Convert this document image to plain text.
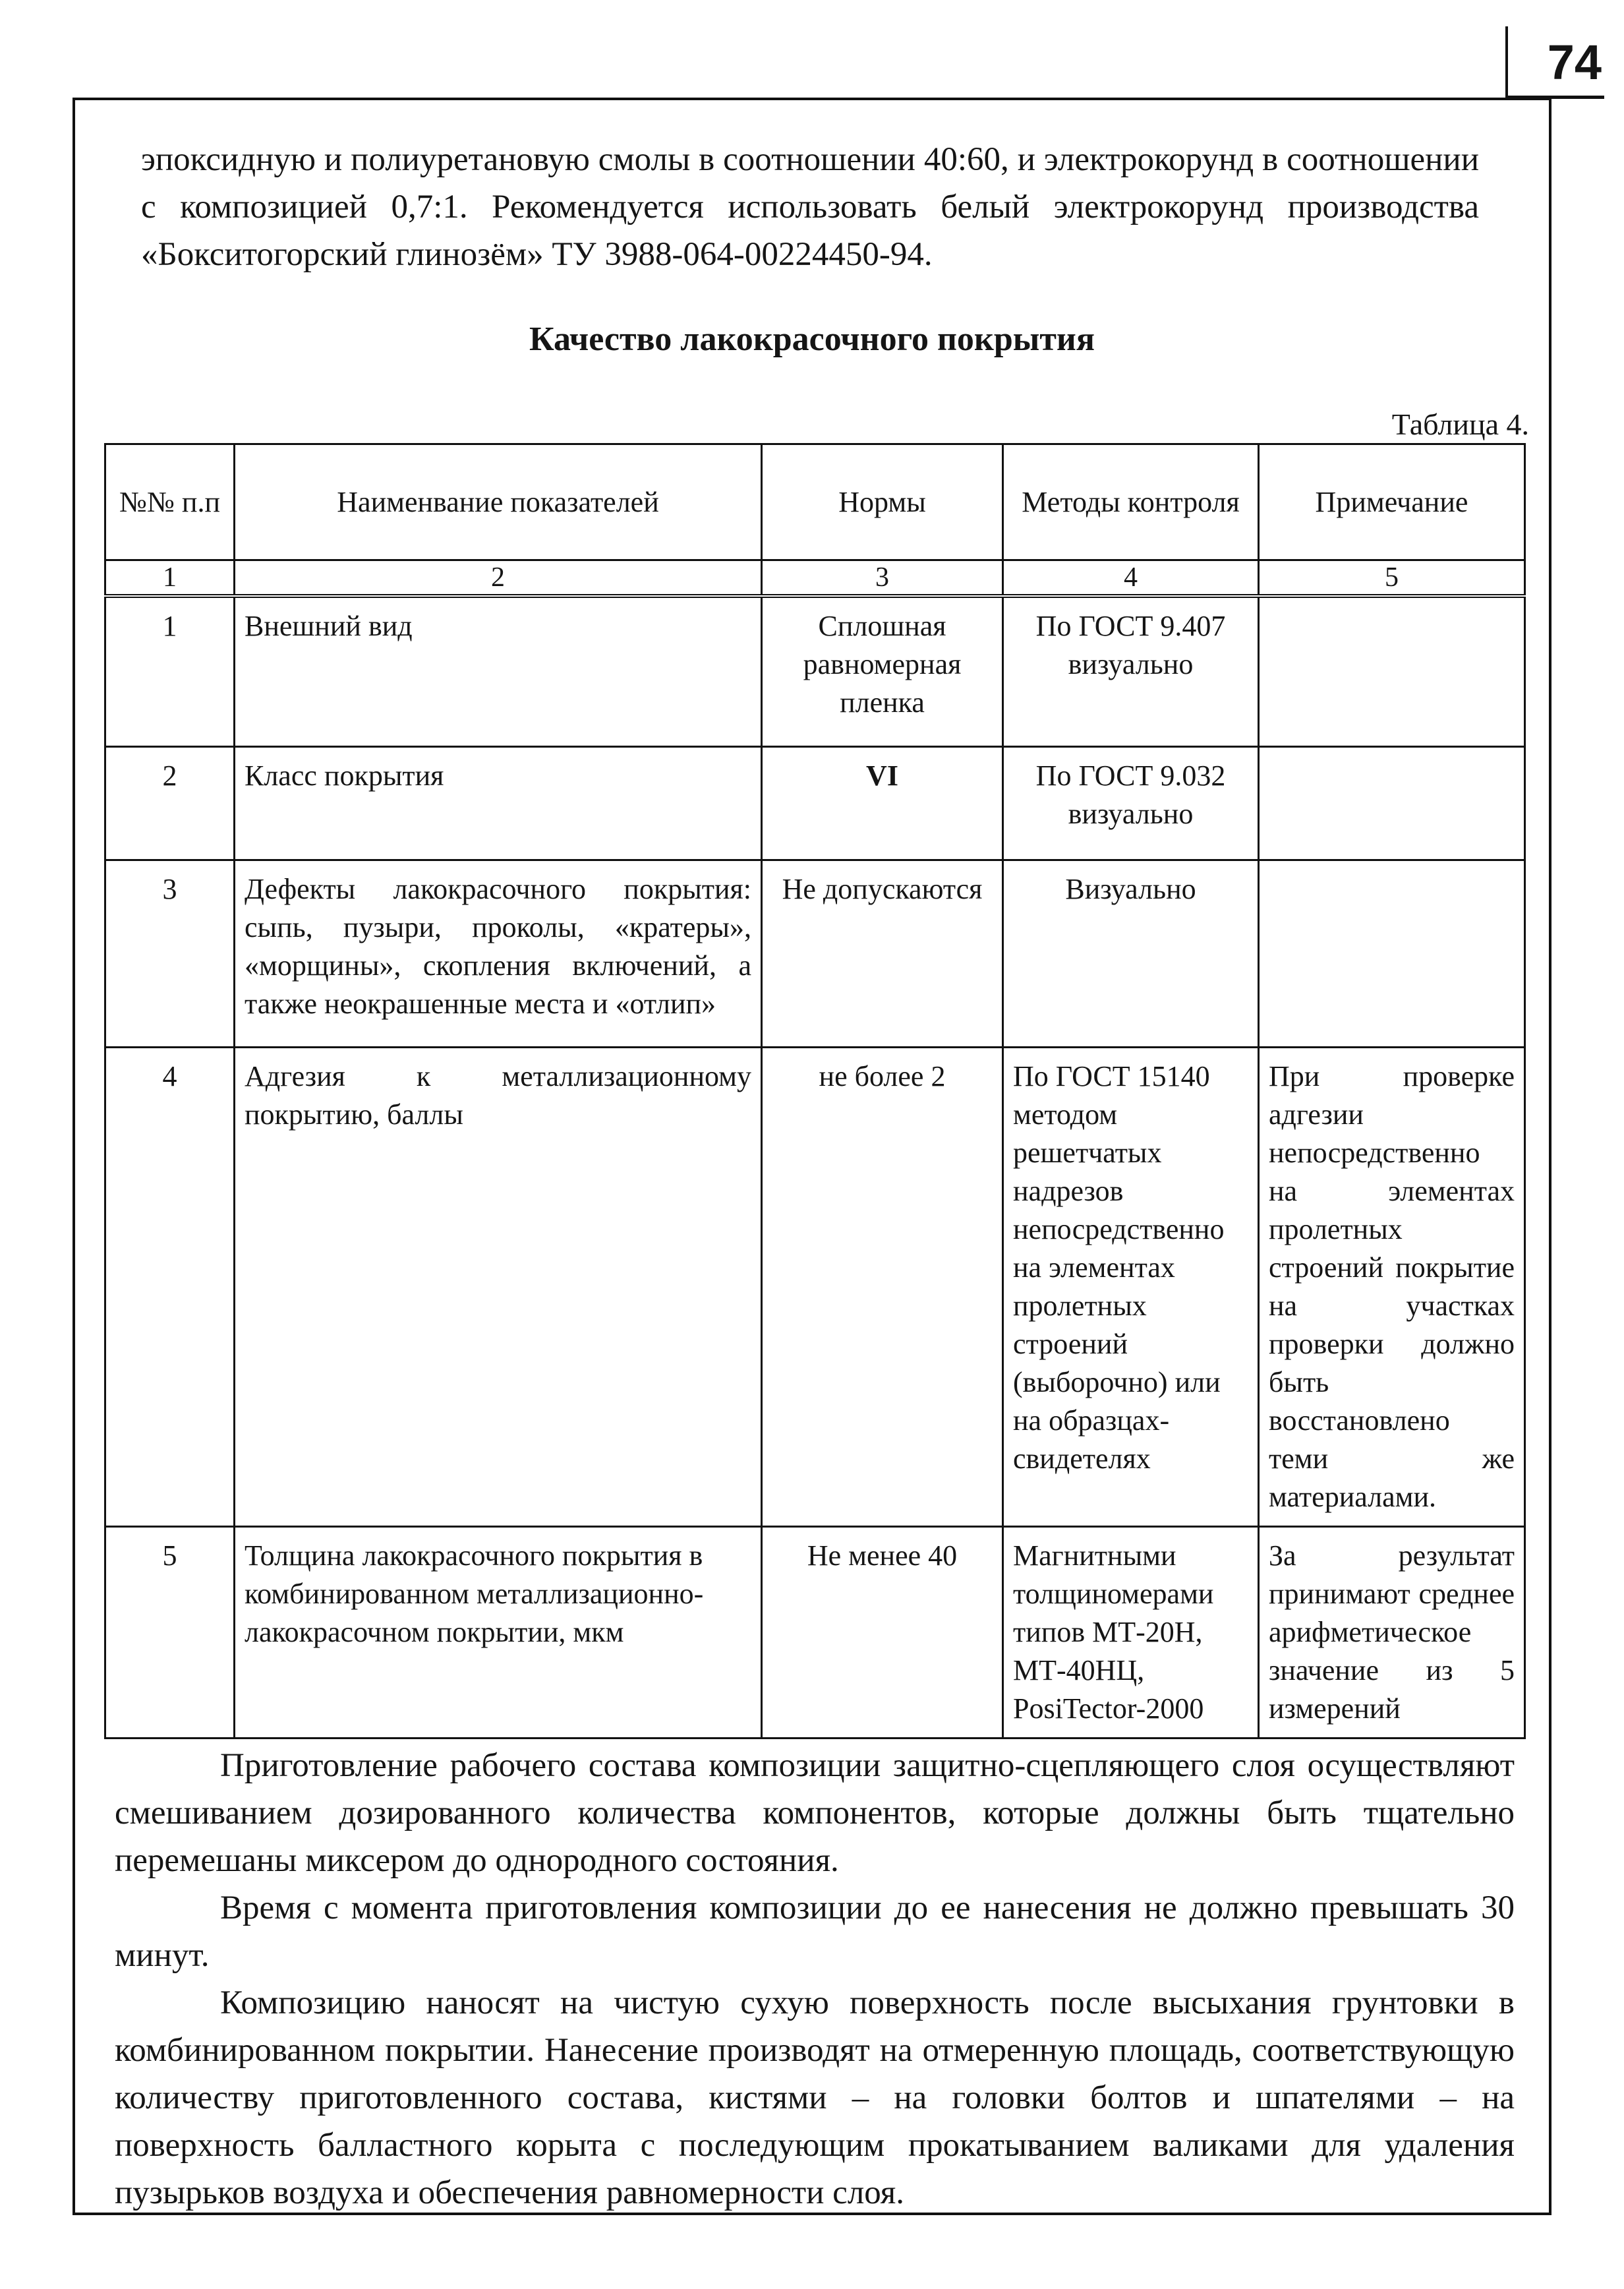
74

эпоксидную и полиуретановую смолы в соотношении 40:60, и электрокорунд в соотношении с композицией 0,7:1. Рекомендуется использовать белый электрокорунд производства «Бокситогорский глинозём» ТУ 3988-064-00224450-94.

Качество лакокрасочного покрытия
Таблица 4.
№№ п.п	Наименвание показателей	Нормы	Методы контроля	Примечание
1	2	3	4	5
1	Внешний вид	Сплошная равномерная пленка	По ГОСТ 9.407 визуально	
2	Класс покрытия	VI	По ГОСТ 9.032 визуально	
3	Дефекты лакокрасочного покрытия: сыпь, пузыри, проколы, «кратеры», «морщины», скопления включений, а также неокрашенные места и «отлип»	Не допускаются	Визуально	
4	Адгезия к металлизационному покрытию, баллы	не более 2	По ГОСТ 15140 методом решетчатых надрезов непосредственно на элементах пролетных строений (выборочно) или на образцах-свидетелях	При проверке адгезии непосредственно на элементах пролетных строений покрытие на участках проверки должно быть восстановлено теми же материалами.
5	Толщина лакокрасочного покрытия в комбинированном металлизационно-лакокрасочном покрытии, мкм	Не менее 40	Магнитными толщиномерами типов МТ-20Н, МТ-40НЦ, PosiTector-2000	За результат принимают среднее арифметическое значение из 5 измерений

Приготовление рабочего состава композиции защитно-сцепляющего слоя осуществляют смешиванием дозированного количества компонентов, которые должны быть тщательно перемешаны миксером до однородного состояния.

Время с момента приготовления композиции до ее нанесения не должно превышать 30 минут.

Композицию наносят на чистую сухую поверхность после высыхания грунтовки в комбинированном покрытии. Нанесение производят на отмеренную площадь, соответствующую количеству приготовленного состава, кистями – на головки болтов и шпателями – на поверхность балластного корыта с последующим прокатыванием валиками для удаления пузырьков воздуха и обеспечения равномерности слоя.
